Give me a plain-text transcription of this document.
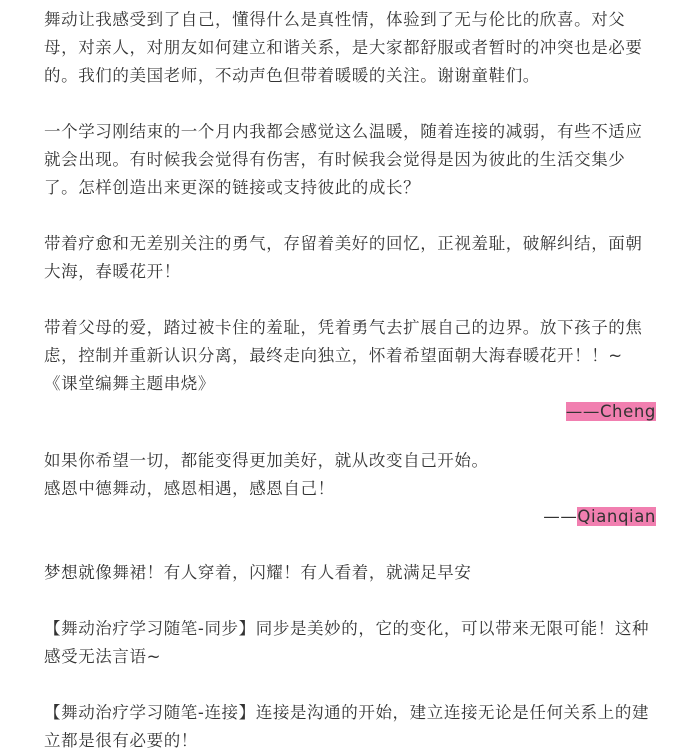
舞动让我感受到了自己，懂得什么是真性情，体验到了无与伦比的欣喜。对父母，对亲人，对朋友如何建立和谐关系，是大家都舒服或者暂时的冲突也是必要的。我们的美国老师，不动声色但带着暖暖的关注。谢谢童鞋们。

一个学习刚结束的一个月内我都会感觉这么温暖，随着连接的减弱，有些不适应就会出现。有时候我会觉得有伤害，有时候我会觉得是因为彼此的生活交集少了。怎样创造出来更深的链接或支持彼此的成长？

带着疗愈和无差别关注的勇气，存留着美好的回忆，正视羞耻，破解纠结，面朝大海，春暖花开！

带着父母的爱，踏过被卡住的羞耻，凭着勇气去扩展自己的边界。放下孩子的焦虑，控制并重新认识分离，最终走向独立，怀着希望面朝大海春暖花开！！~《课堂编舞主题串烧》

——Cheng

如果你希望一切，都能变得更加美好，就从改变自己开始。

感恩中德舞动，感恩相遇，感恩自己！

——Qianqian

梦想就像舞裙！有人穿着，闪耀！有人看着，就满足早安

【舞动治疗学习随笔-同步】同步是美妙的，它的变化，可以带来无限可能！这种感受无法言语~

【舞动治疗学习随笔-连接】连接是沟通的开始，建立连接无论是任何关系上的建立都是很有必要的！
